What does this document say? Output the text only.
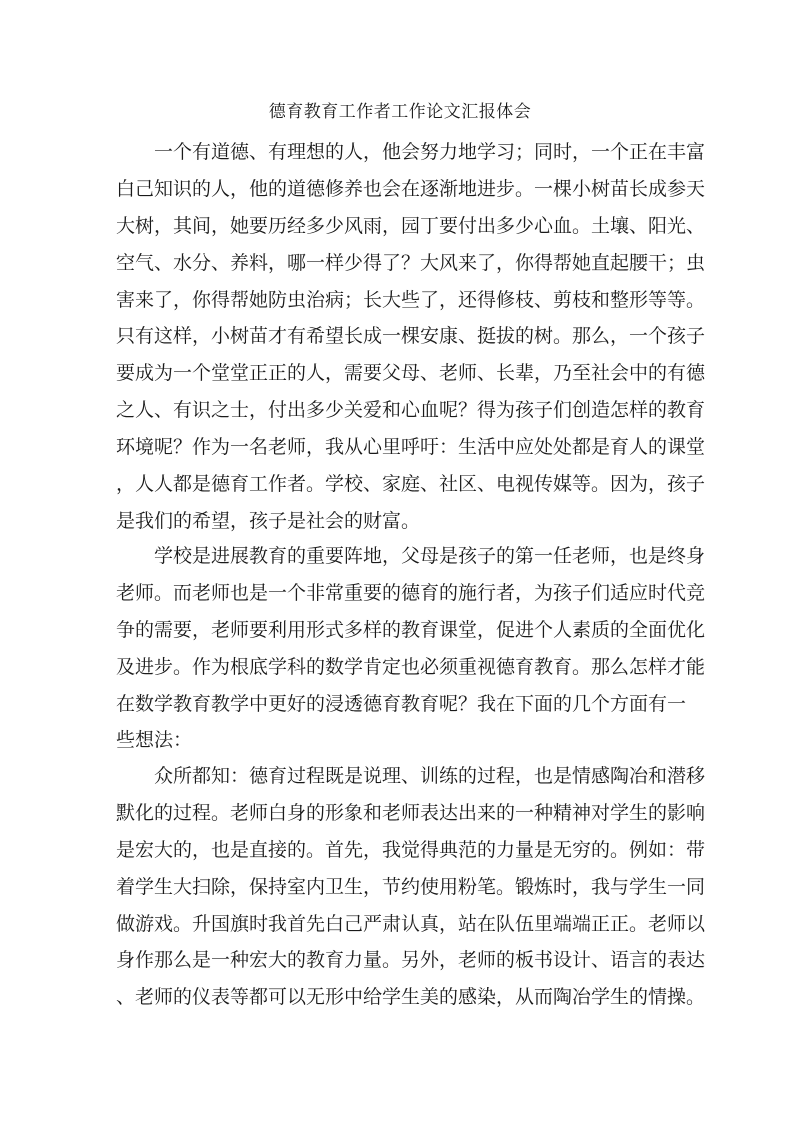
德育教育工作者工作论文汇报体会
一个有道德、有理想的人，他会努力地学习；同时，一个正在丰富
白己知识的人，他的道德修养也会在逐渐地进步。一棵小树苗长成参天
大树，其间，她要历经多少风雨，园丁要付出多少心血。土壤、阳光、
空气、水分、养料，哪一样少得了？大风来了，你得帮她直起腰干；虫
害来了，你得帮她防虫治病；长大些了，还得修枝、剪枝和整形等等。
只有这样，小树苗才有希望长成一棵安康、挺拔的树。那么，一个孩子
要成为一个堂堂正正的人，需要父母、老师、长辈，乃至社会中的有德
之人、有识之士，付出多少关爱和心血呢？得为孩子们创造怎样的教育
环境呢？作为一名老师，我从心里呼吁：生活中应处处都是育人的课堂
，人人都是德育工作者。学校、家庭、社区、电视传媒等。因为，孩子
是我们的希望，孩子是社会的财富。
学校是进展教育的重要阵地，父母是孩子的第一任老师，也是终身
老师。而老师也是一个非常重要的德育的施行者，为孩子们适应时代竞
争的需要，老师要利用形式多样的教育课堂，促进个人素质的全面优化
及进步。作为根底学科的数学肯定也必须重视德育教育。那么怎样才能
在数学教育教学中更好的浸透德育教育呢？我在下面的几个方面有一
些想法：
众所都知：德育过程既是说理、训练的过程，也是情感陶冶和潜移
默化的过程。老师白身的形象和老师表达出来的一种精神对学生的影响
是宏大的，也是直接的。首先，我觉得典范的力量是无穷的。例如：带
着学生大扫除，保持室内卫生，节约使用粉笔。锻炼时，我与学生一同
做游戏。升国旗时我首先白己严肃认真，站在队伍里端端正正。老师以
身作那么是一种宏大的教育力量。另外，老师的板书设计、语言的表达
、老师的仪表等都可以无形中给学生美的感染，从而陶冶学生的情操。
